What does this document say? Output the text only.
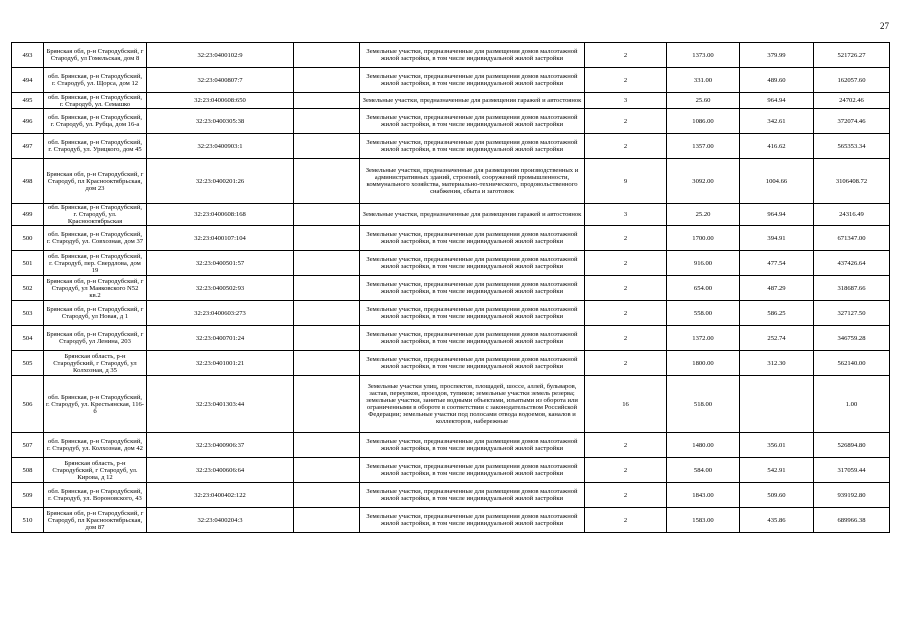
27
493	Брянская обл, р-н Стародубский, г Стародуб, ул Гомельская, дом 8	32:23:0400102:9		Земельные участки, предназначенные для размещения домов малоэтажной жилой застройки, в том числе индивидуальной жилой застройки	2	1373.00	379.99	521726.27
494	обл. Брянская, р-н Стародубский, г. Стародуб, ул. Щорса, дом 12	32:23:0400807:7		Земельные участки, предназначенные для размещения домов малоэтажной жилой застройки, в том числе индивидуальной жилой застройки	2	331.00	489.60	162057.60
495	обл. Брянская, р-н Стародубский, г. Стародуб, ул. Семашко	32:23:0400608:650		Земельные участки, предназначенные для размещения гаражей и автостоянок	3	25.60	964.94	24702.46
496	обл. Брянская, р-н Стародубский, г. Стародуб, ул. Рубца, дом 16-а	32:23:0400305:38		Земельные участки, предназначенные для размещения домов малоэтажной жилой застройки, в том числе индивидуальной жилой застройки	2	1086.00	342.61	372074.46
497	обл. Брянская, р-н Стародубский, г. Стародуб, ул. Урицкого, дом 45	32:23:0400903:1		Земельные участки, предназначенные для размещения домов малоэтажной жилой застройки, в том числе индивидуальной жилой застройки	2	1357.00	416.62	565353.34
498	Брянская обл, р-н Стародубский, г Стародуб, пл Краснооктябрьская, дом 23	32:23:0400201:26		Земельные участки, предназначенные для размещения производственных и административных зданий, строений, сооружений промышленности, коммунального хозяйства, материально-технического, продовольственного снабжения, сбыта и заготовок	9	3092.00	1004.66	3106408.72
499	обл. Брянская, р-н Стародубский, г. Стародуб, ул. Краснооктябрьская	32:23:0400608:168		Земельные участки, предназначенные для размещения гаражей и автостоянок	3	25.20	964.94	24316.49
500	обл. Брянская, р-н Стародубский, г. Стародуб, ул. Совхозная, дом 37	32:23:0400107:104		Земельные участки, предназначенные для размещения домов малоэтажной жилой застройки, в том числе индивидуальной жилой застройки	2	1700.00	394.91	671347.00
501	обл. Брянская, р-н Стародубский, г. Стародуб, пер. Свердлова, дом 19	32:23:0400501:57		Земельные участки, предназначенные для размещения домов малоэтажной жилой застройки, в том числе индивидуальной жилой застройки	2	916.00	477.54	437426.64
502	Брянская обл, р-н Стародубский, г Стародуб, ул Маяковского N52 кв.2	32:23:0400502:93		Земельные участки, предназначенные для размещения домов малоэтажной жилой застройки, в том числе индивидуальной жилой застройки	2	654.00	487.29	318687.66
503	Брянская обл, р-н Стародубский, г Стародуб, ул Новая, д 1	32:23:0400603:273		Земельные участки, предназначенные для размещения домов малоэтажной жилой застройки, в том числе индивидуальной жилой застройки	2	558.00	586.25	327127.50
504	Брянская обл, р-н Стародубский, г Стародуб, ул Ленина, 203	32:23:0400701:24		Земельные участки, предназначенные для размещения домов малоэтажной жилой застройки, в том числе индивидуальной жилой застройки	2	1372.00	252.74	346759.28
505	Брянская область, р-н Стародубский, г Стародуб, ул Колхозная, д 35	32:23:0401001:21		Земельные участки, предназначенные для размещения домов малоэтажной жилой застройки, в том числе индивидуальной жилой застройки	2	1800.00	312.30	562140.00
506	обл. Брянская, р-н Стародубский, г. Стародуб, ул. Крестьянская, 116-б	32:23:0401303:44		Земельные участки улиц, проспектов, площадей, шоссе, аллей, бульваров, застав, переулков, проездов, тупиков; земельные участки земель резерва; земельные участки, занятые водными объектами, изъятыми из оборота или ограниченными в обороте в соответствии с законодательством Российской Федерации; земельные участки под полосами отвода водоемов, каналов и коллекторов, набережные	16	518.00		1.00
507	обл. Брянская, р-н Стародубский, г. Стародуб, ул. Колхозная, дом 42	32:23:0400906:37		Земельные участки, предназначенные для размещения домов малоэтажной жилой застройки, в том числе индивидуальной жилой застройки	2	1480.00	356.01	526894.80
508	Брянская область, р-н Стародубский, г Стародуб, ул. Кирова, д 12	32:23:0400606:64		Земельные участки, предназначенные для размещения домов малоэтажной жилой застройки, в том числе индивидуальной жилой застройки	2	584.00	542.91	317059.44
509	обл. Брянская, р-н Стародубский, г. Стародуб, ул. Вороновского, 43	32:23:0400402:122		Земельные участки, предназначенные для размещения домов малоэтажной жилой застройки, в том числе индивидуальной жилой застройки	2	1843.00	509.60	939192.80
510	Брянская обл, р-н Стародубский, г Стародуб, пл Краснооктябрьская, дом 87	32:23:0400204:3		Земельные участки, предназначенные для размещения домов малоэтажной жилой застройки, в том числе индивидуальной жилой застройки	2	1583.00	435.86	689966.38
